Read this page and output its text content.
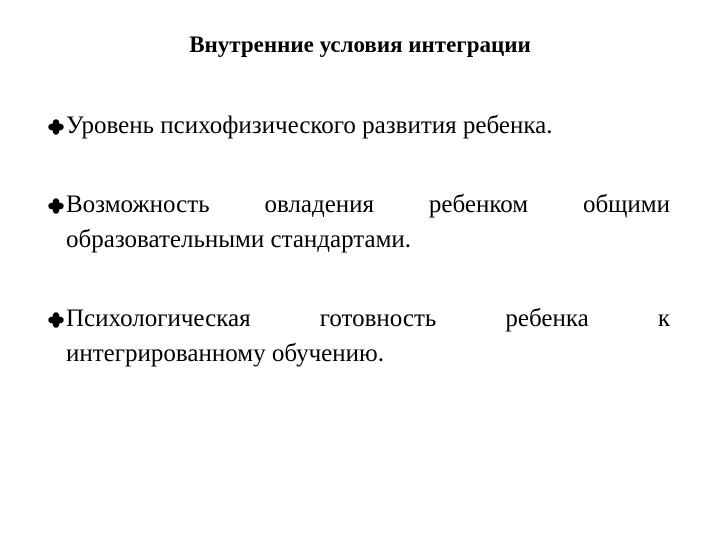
Внутренние условия интеграции
Уровень психофизического развития ребенка.
Возможность овладения ребенком общими
образовательными стандартами.
Психологическая готовность ребенка к
интегрированному обучению.
